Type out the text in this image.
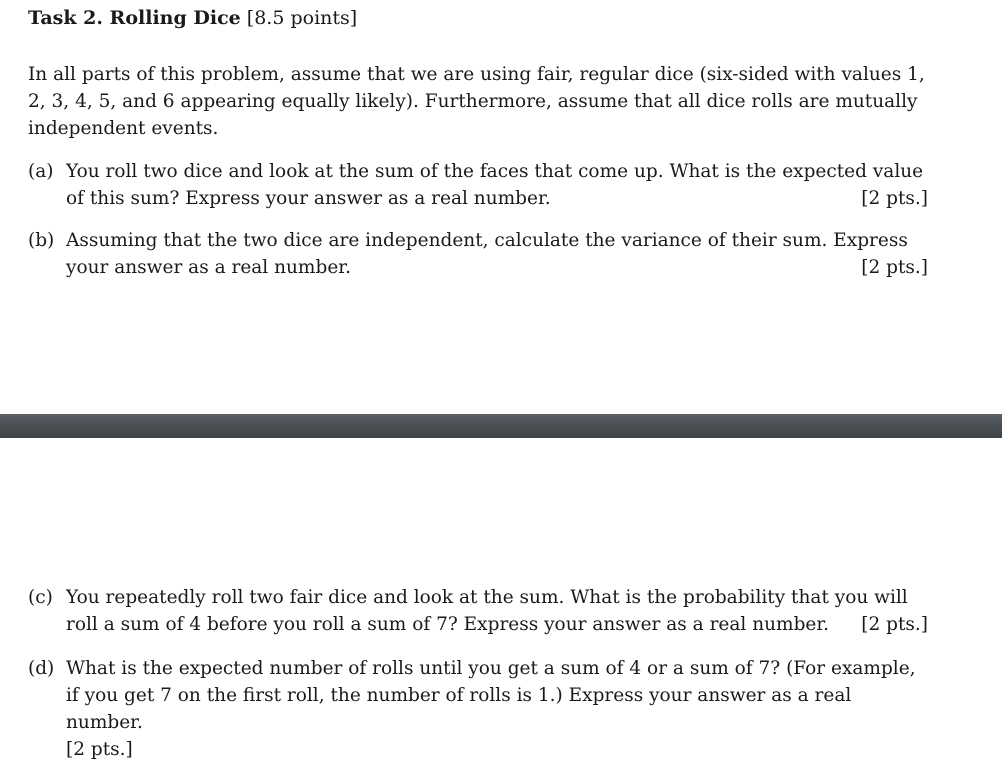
Task 2. Rolling Dice [8.5 points]
In all parts of this problem, assume that we are using fair, regular dice (six-sided with values 1, 2, 3, 4, 5, and 6 appearing equally likely). Furthermore, assume that all dice rolls are mutually independent events.
(a) You roll two dice and look at the sum of the faces that come up. What is the expected value of this sum? Express your answer as a real number.	[2 pts.]
(b) Assuming that the two dice are independent, calculate the variance of their sum. Express your answer as a real number.	[2 pts.]
(c) You repeatedly roll two fair dice and look at the sum. What is the probability that you will roll a sum of 4 before you roll a sum of 7? Express your answer as a real number. [2 pts.]
(d) What is the expected number of rolls until you get a sum of 4 or a sum of 7? (For example, if you get 7 on the first roll, the number of rolls is 1.) Express your answer as a real number.
[2 pts.]
